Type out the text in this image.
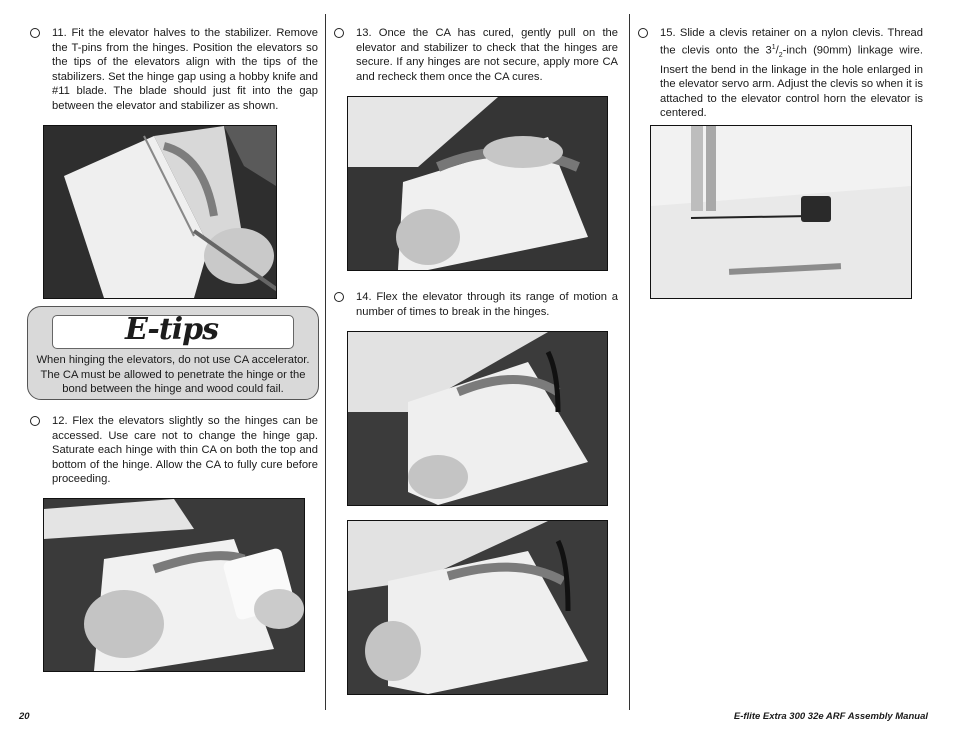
11. Fit the elevator halves to the stabilizer. Remove the T-pins from the hinges. Position the elevators so the tips of the elevators align with the tips of the stabilizers. Set the hinge gap using a hobby knife and #11 blade. The blade should just fit into the gap between the elevator and stabilizer as shown.
E-tips
When hinging the elevators, do not use CA accelerator. The CA must be allowed to penetrate the hinge or the bond between the hinge and wood could fail.
12. Flex the elevators slightly so the hinges can be accessed. Use care not to change the hinge gap. Saturate each hinge with thin CA on both the top and bottom of the hinge. Allow the CA to fully cure before proceeding.
13. Once the CA has cured, gently pull on the elevator and stabilizer to check that the hinges are secure. If any hinges are not secure, apply more CA and recheck them once the CA cures.
14. Flex the elevator through its range of motion a number of times to break in the hinges.
15. Slide a clevis retainer on a nylon clevis. Thread the clevis onto the $3^1/_2$-inch (90mm) linkage wire. Insert the bend in the linkage in the hole enlarged in the elevator servo arm. Adjust the clevis so when it is attached to the elevator control horn the elevator is centered.
20	E-flite Extra 300 32e ARF Assembly Manual
